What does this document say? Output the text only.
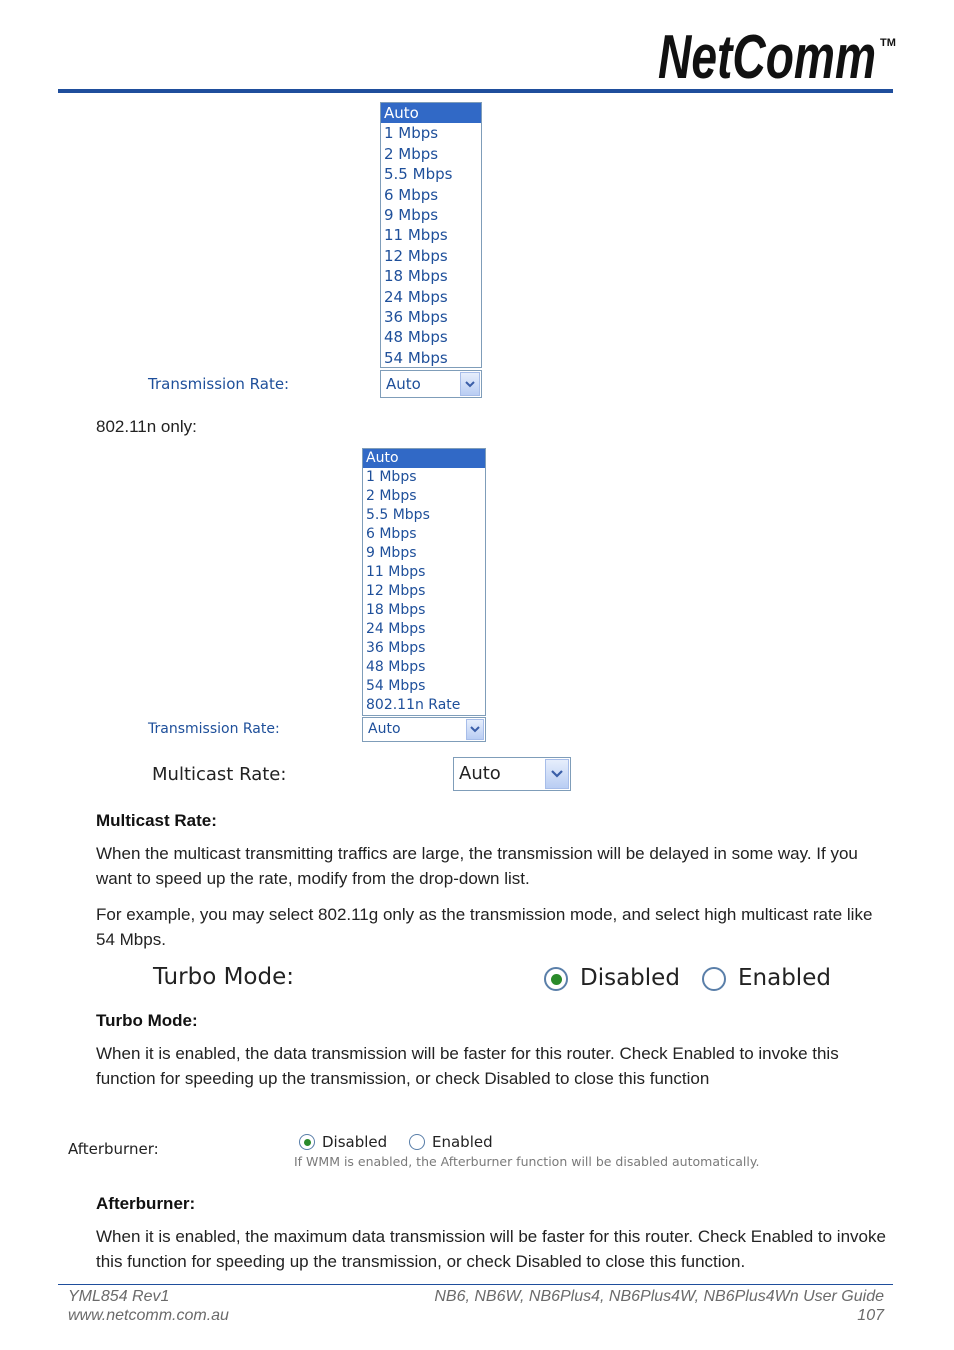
NetComm TM
Auto
1 Mbps
2 Mbps
5.5 Mbps
6 Mbps
9 Mbps
11 Mbps
12 Mbps
18 Mbps
24 Mbps
36 Mbps
48 Mbps
54 Mbps
Transmission Rate:	Auto
802.11n only:
Auto
1 Mbps
2 Mbps
5.5 Mbps
6 Mbps
9 Mbps
11 Mbps
12 Mbps
18 Mbps
24 Mbps
36 Mbps
48 Mbps
54 Mbps
802.11n Rate
Transmission Rate:	Auto
Multicast Rate:	Auto
Multicast Rate:
When the multicast transmitting traffics are large, the transmission will be delayed in some way. If you want to speed up the rate, modify from the drop-down list.
For example, you may select 802.11g only as the transmission mode, and select high multicast rate like 54 Mbps.
Turbo Mode:	Disabled	Enabled
Turbo Mode:
When it is enabled, the data transmission will be faster for this router. Check Enabled to invoke this function for speeding up the transmission, or check Disabled to close this function
Afterburner:	Disabled	Enabled
If WMM is enabled, the Afterburner function will be disabled automatically.
Afterburner:
When it is enabled, the maximum data transmission will be faster for this router. Check Enabled to invoke this function for speeding up the transmission, or check Disabled to close this function.
YML854 Rev1
www.netcomm.com.au
NB6, NB6W, NB6Plus4, NB6Plus4W, NB6Plus4Wn User Guide
107
